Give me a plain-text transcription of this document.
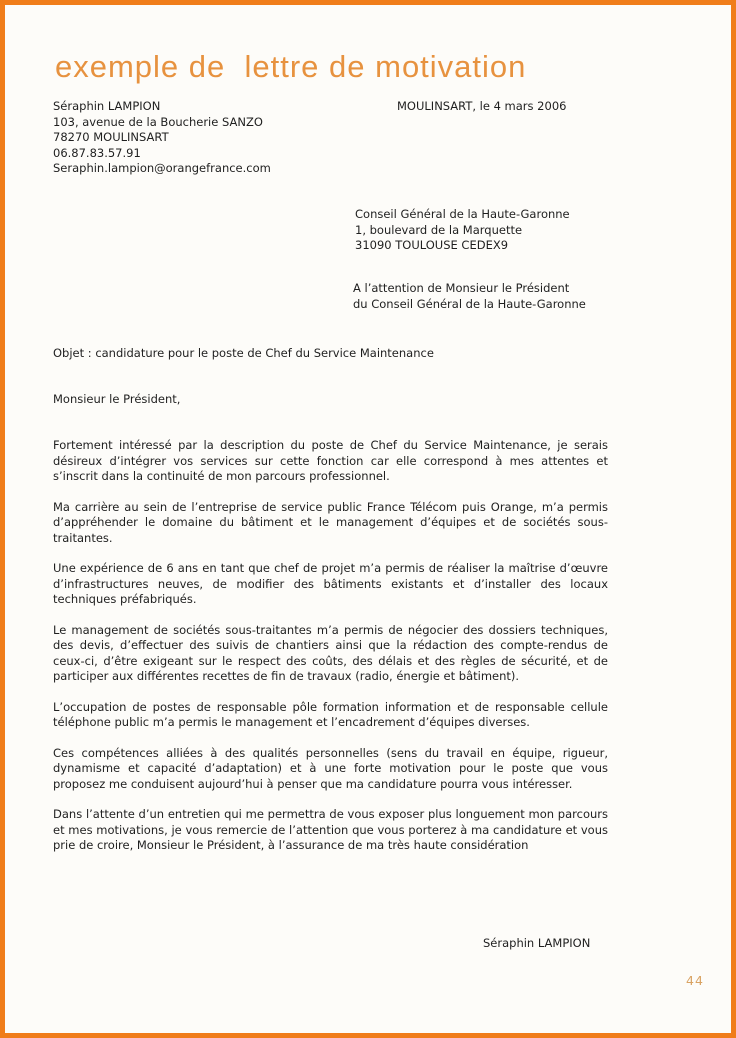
exemple de  lettre de motivation
Séraphin LAMPION
103, avenue de la Boucherie SANZO
78270 MOULINSART
06.87.83.57.91
Seraphin.lampion@orangefrance.com
MOULINSART, le 4 mars 2006
Conseil Général de la Haute-Garonne
1, boulevard de la Marquette
31090 TOULOUSE CEDEX9
A l’attention de Monsieur le Président
du Conseil Général de la Haute-Garonne
Objet : candidature pour le poste de Chef du Service Maintenance
Monsieur le Président,

Fortement intéressé par la description du poste de Chef du Service Maintenance, je serais désireux d’intégrer vos services sur cette fonction car elle correspond à mes attentes et s’inscrit dans la continuité de mon parcours professionnel.

Ma carrière au sein de l’entreprise de service public France Télécom puis Orange, m’a permis d’appréhender le domaine du bâtiment et le management d’équipes et de sociétés sous-traitantes.

Une expérience de 6 ans en tant que chef de projet m’a permis de réaliser la maîtrise d’œuvre d’infrastructures neuves, de modifier des bâtiments existants et d’installer des locaux techniques préfabriqués.

Le management de sociétés sous-traitantes m’a permis de négocier des dossiers techniques, des devis, d’effectuer des suivis de chantiers ainsi que la rédaction des compte-rendus de ceux-ci, d’être exigeant sur le respect des coûts, des délais et des règles de sécurité, et de participer aux différentes recettes de fin de travaux (radio, énergie et bâtiment).

L’occupation de postes de responsable pôle formation information et de responsable cellule téléphone public m’a permis le management et l’encadrement d’équipes diverses.

Ces compétences alliées à des qualités personnelles (sens du travail en équipe, rigueur, dynamisme et capacité d’adaptation) et à une forte motivation pour le poste que vous proposez me conduisent aujourd’hui à penser que ma candidature pourra vous intéresser.

Dans l’attente d’un entretien qui me permettra de vous exposer plus longuement mon parcours et mes motivations, je vous remercie de l’attention que vous porterez à ma candidature et vous prie de croire, Monsieur le Président, à l’assurance de ma très haute considération

Séraphin LAMPION
44
